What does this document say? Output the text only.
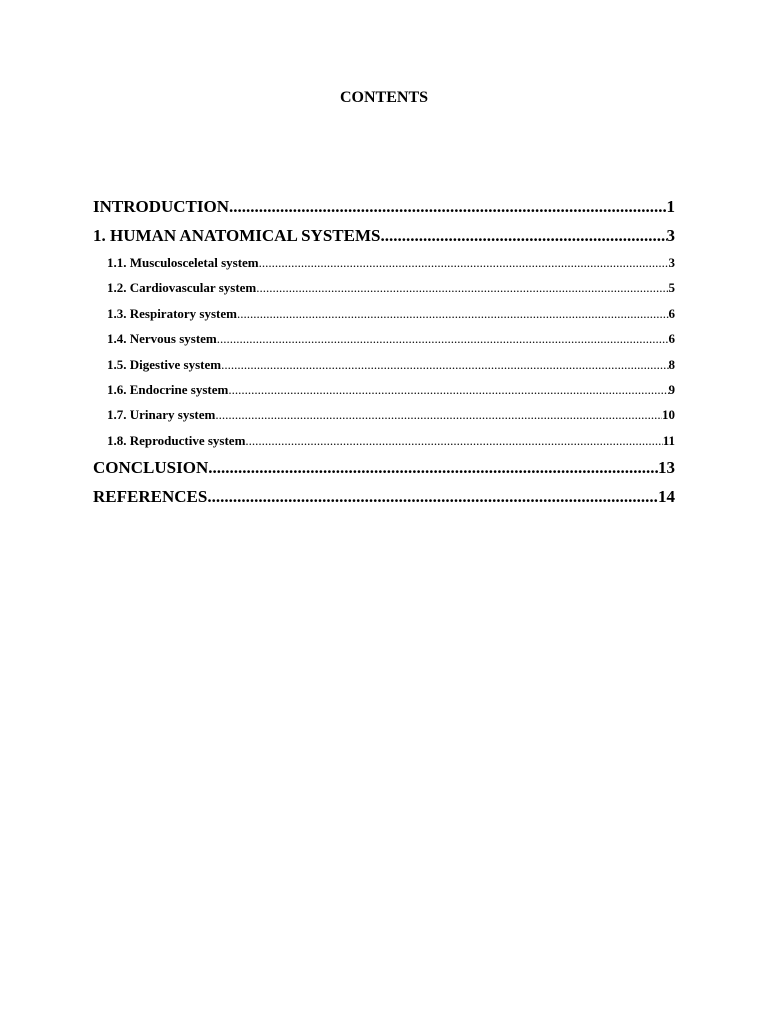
CONTENTS
INTRODUCTION .....	1
1. HUMAN ANATOMICAL SYSTEMS .....	3
1.1. Musculosceletal system .....	3
1.2. Cardiovascular system .....	5
1.3. Respiratory system .....	6
1.4. Nervous system .....	6
1.5. Digestive system .....	8
1.6. Endocrine system .....	9
1.7. Urinary system .....	10
1.8. Reproductive system .....	11
CONCLUSION .....	13
REFERENCES .....	14
